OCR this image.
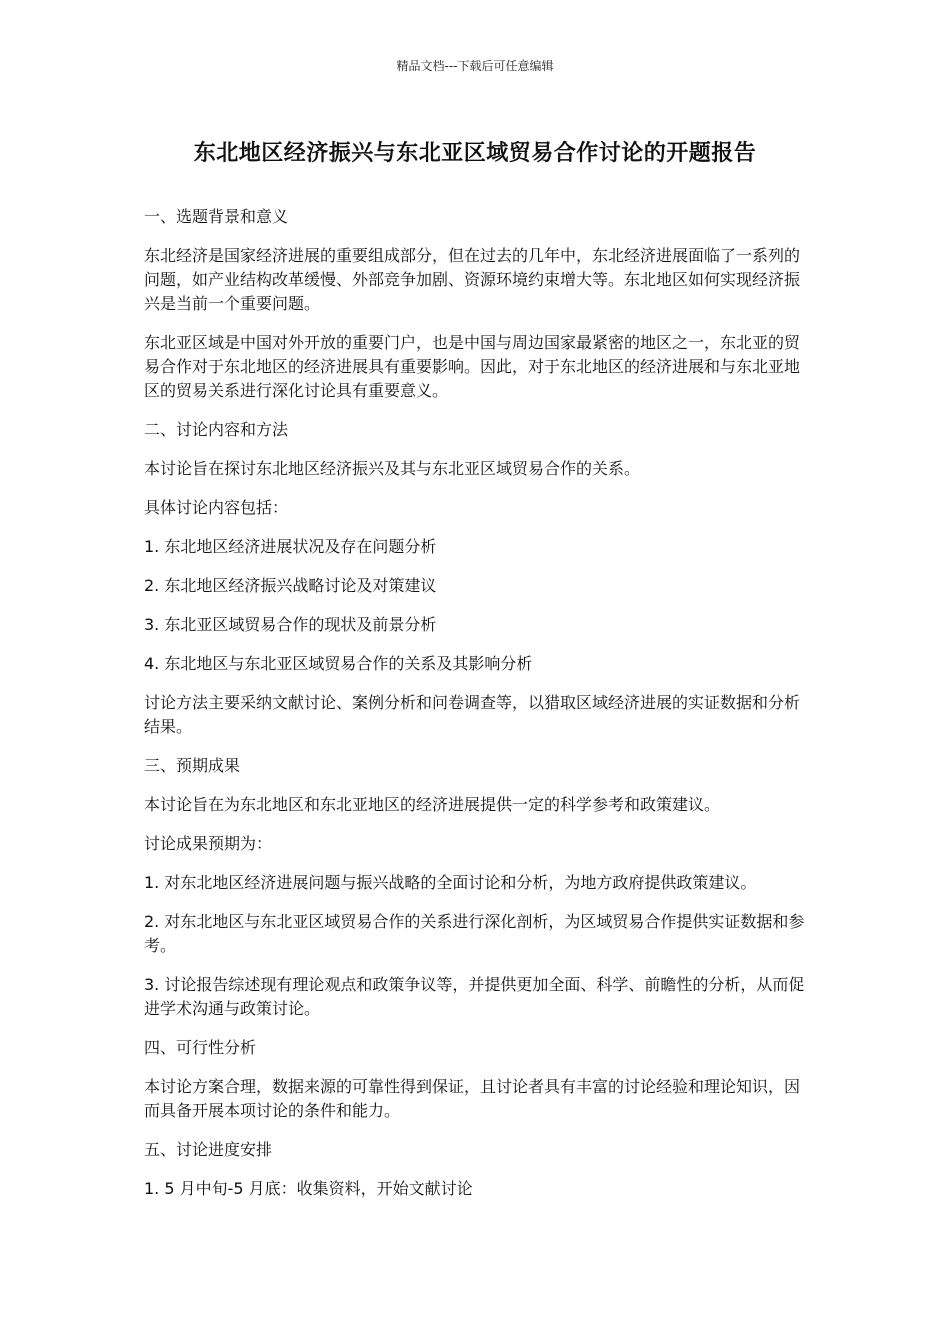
精品文档---下载后可任意编辑
东北地区经济振兴与东北亚区域贸易合作讨论的开题报告

一、选题背景和意义

东北经济是国家经济进展的重要组成部分，但在过去的几年中，东北经济进展面临了一系列的问题，如产业结构改革缓慢、外部竞争加剧、资源环境约束增大等。东北地区如何实现经济振兴是当前一个重要问题。

东北亚区域是中国对外开放的重要门户，也是中国与周边国家最紧密的地区之一，东北亚的贸易合作对于东北地区的经济进展具有重要影响。因此，对于东北地区的经济进展和与东北亚地区的贸易关系进行深化讨论具有重要意义。

二、讨论内容和方法

本讨论旨在探讨东北地区经济振兴及其与东北亚区域贸易合作的关系。

具体讨论内容包括：

1. 东北地区经济进展状况及存在问题分析

2. 东北地区经济振兴战略讨论及对策建议

3. 东北亚区域贸易合作的现状及前景分析

4. 东北地区与东北亚区域贸易合作的关系及其影响分析

讨论方法主要采纳文献讨论、案例分析和问卷调查等，以猎取区域经济进展的实证数据和分析结果。

三、预期成果

本讨论旨在为东北地区和东北亚地区的经济进展提供一定的科学参考和政策建议。

讨论成果预期为：

1. 对东北地区经济进展问题与振兴战略的全面讨论和分析，为地方政府提供政策建议。

2. 对东北地区与东北亚区域贸易合作的关系进行深化剖析，为区域贸易合作提供实证数据和参考。

3. 讨论报告综述现有理论观点和政策争议等，并提供更加全面、科学、前瞻性的分析，从而促进学术沟通与政策讨论。

四、可行性分析

本讨论方案合理，数据来源的可靠性得到保证，且讨论者具有丰富的讨论经验和理论知识，因而具备开展本项讨论的条件和能力。

五、讨论进度安排

1. 5 月中旬-5 月底：收集资料，开始文献讨论
